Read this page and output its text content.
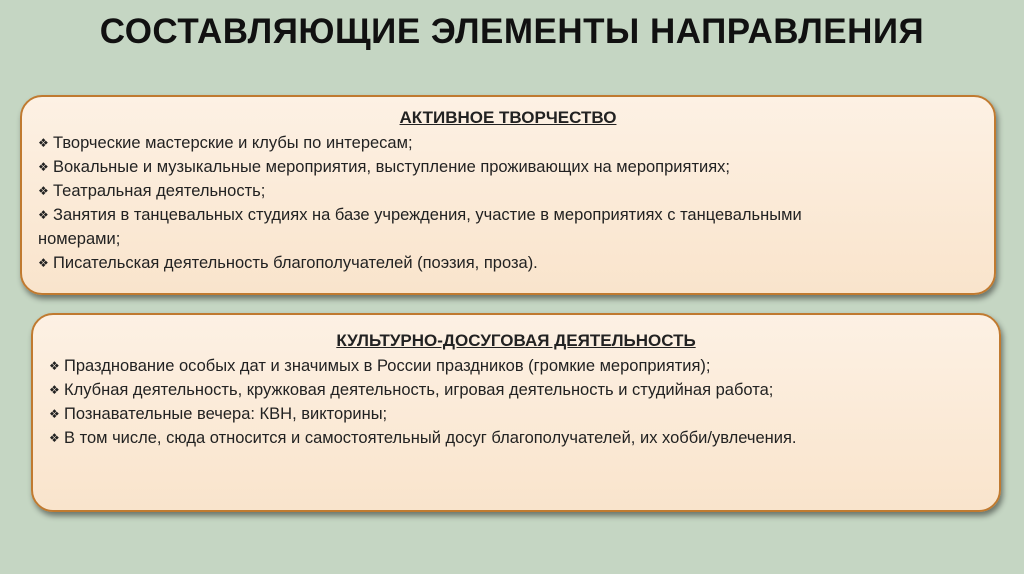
СОСТАВЛЯЮЩИЕ ЭЛЕМЕНТЫ НАПРАВЛЕНИЯ
АКТИВНОЕ ТВОРЧЕСТВО
❖ Творческие мастерские и клубы по интересам;
❖ Вокальные и музыкальные мероприятия, выступление проживающих на мероприятиях;
❖ Театральная деятельность;
❖ Занятия в танцевальных студиях на базе учреждения, участие в мероприятиях с танцевальными номерами;
❖ Писательская деятельность благополучателей (поэзия, проза).
КУЛЬТУРНО-ДОСУГОВАЯ ДЕЯТЕЛЬНОСТЬ
❖ Празднование особых дат и значимых в России праздников (громкие мероприятия);
❖ Клубная деятельность, кружковая деятельность, игровая деятельность и студийная работа;
❖ Познавательные вечера: КВН, викторины;
❖ В том числе, сюда относится и самостоятельный досуг благополучателей, их хобби/увлечения.
